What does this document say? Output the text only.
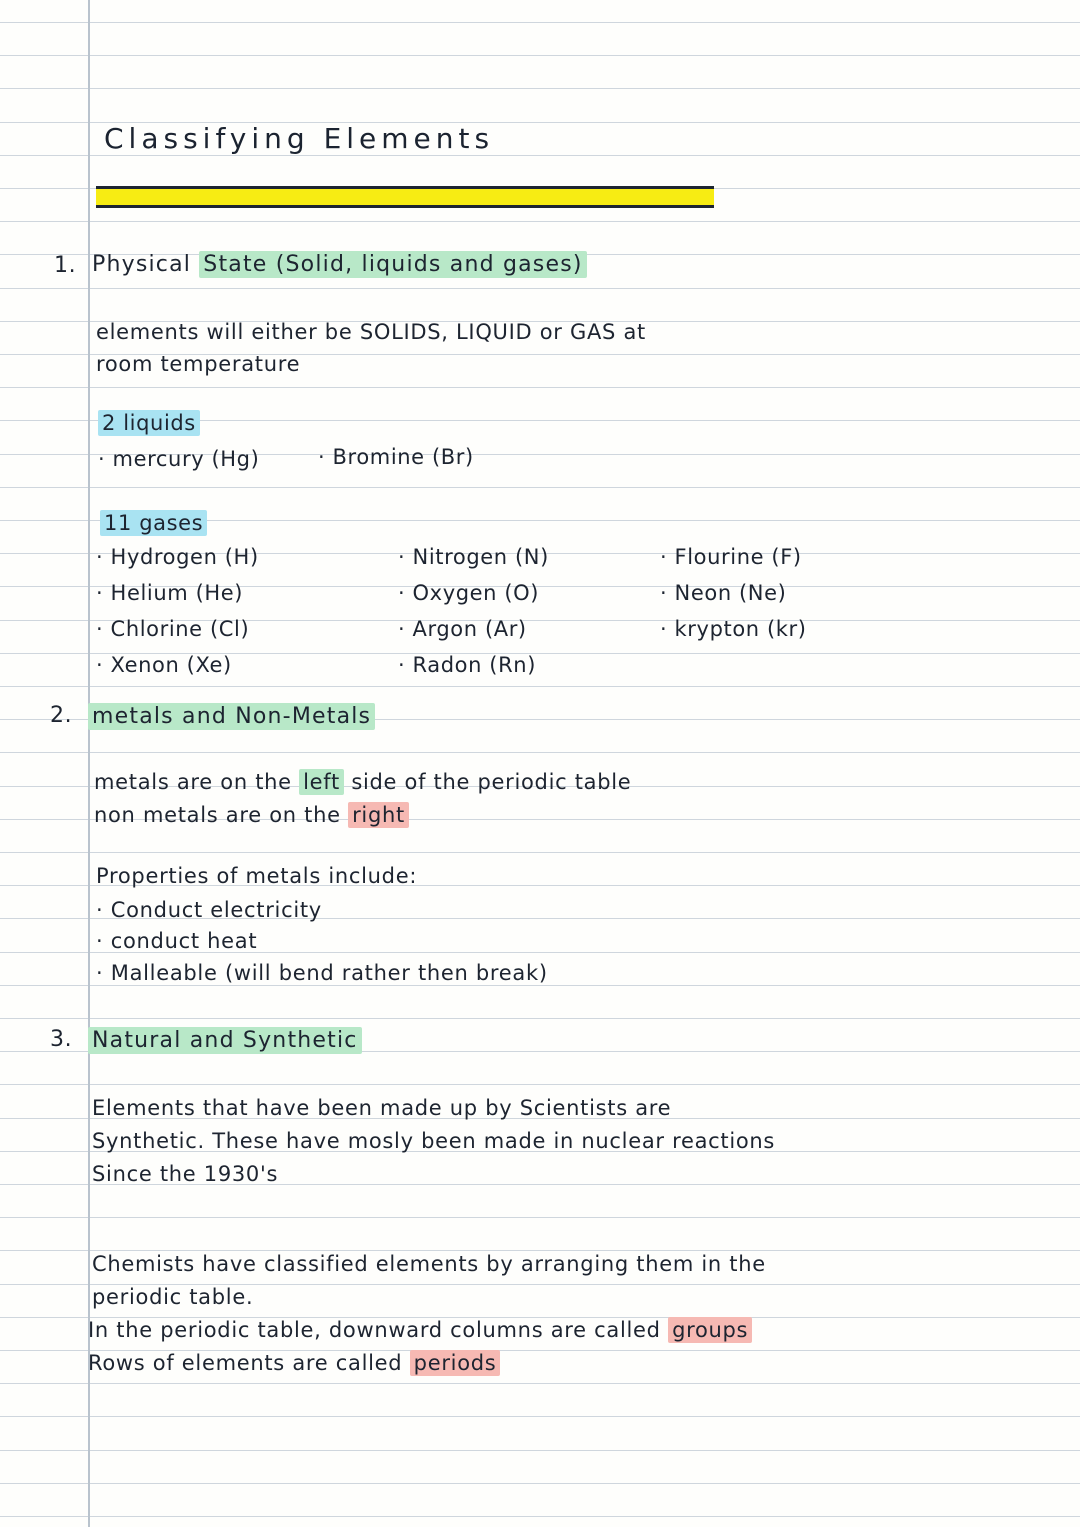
Classifying Elements
1. Physical State (Solid, liquids and gases)
elements will either be SOLIDS, LIQUID or GAS at
room temperature
2 liquids
· mercury (Hg)	· Bromine (Br)
11 gases
· Hydrogen (H)
· Helium (He)
· Chlorine (Cl)
· Xenon (Xe)
· Nitrogen (N)
· Oxygen (O)
· Argon (Ar)
· Radon (Rn)
· Flourine (F)
· Neon (Ne)
· krypton (kr)
2. metals and Non-Metals
metals are on the left side of the periodic table
non metals are on the right
Properties of metals include:
· Conduct electricity
· conduct heat
· Malleable (will bend rather then break)
3. Natural and Synthetic
Elements that have been made up by Scientists are
Synthetic. These have mosly been made in nuclear reactions
Since the 1930's
Chemists have classified elements by arranging them in the
periodic table.
In the periodic table, downward columns are called groups
Rows of elements are called periods
